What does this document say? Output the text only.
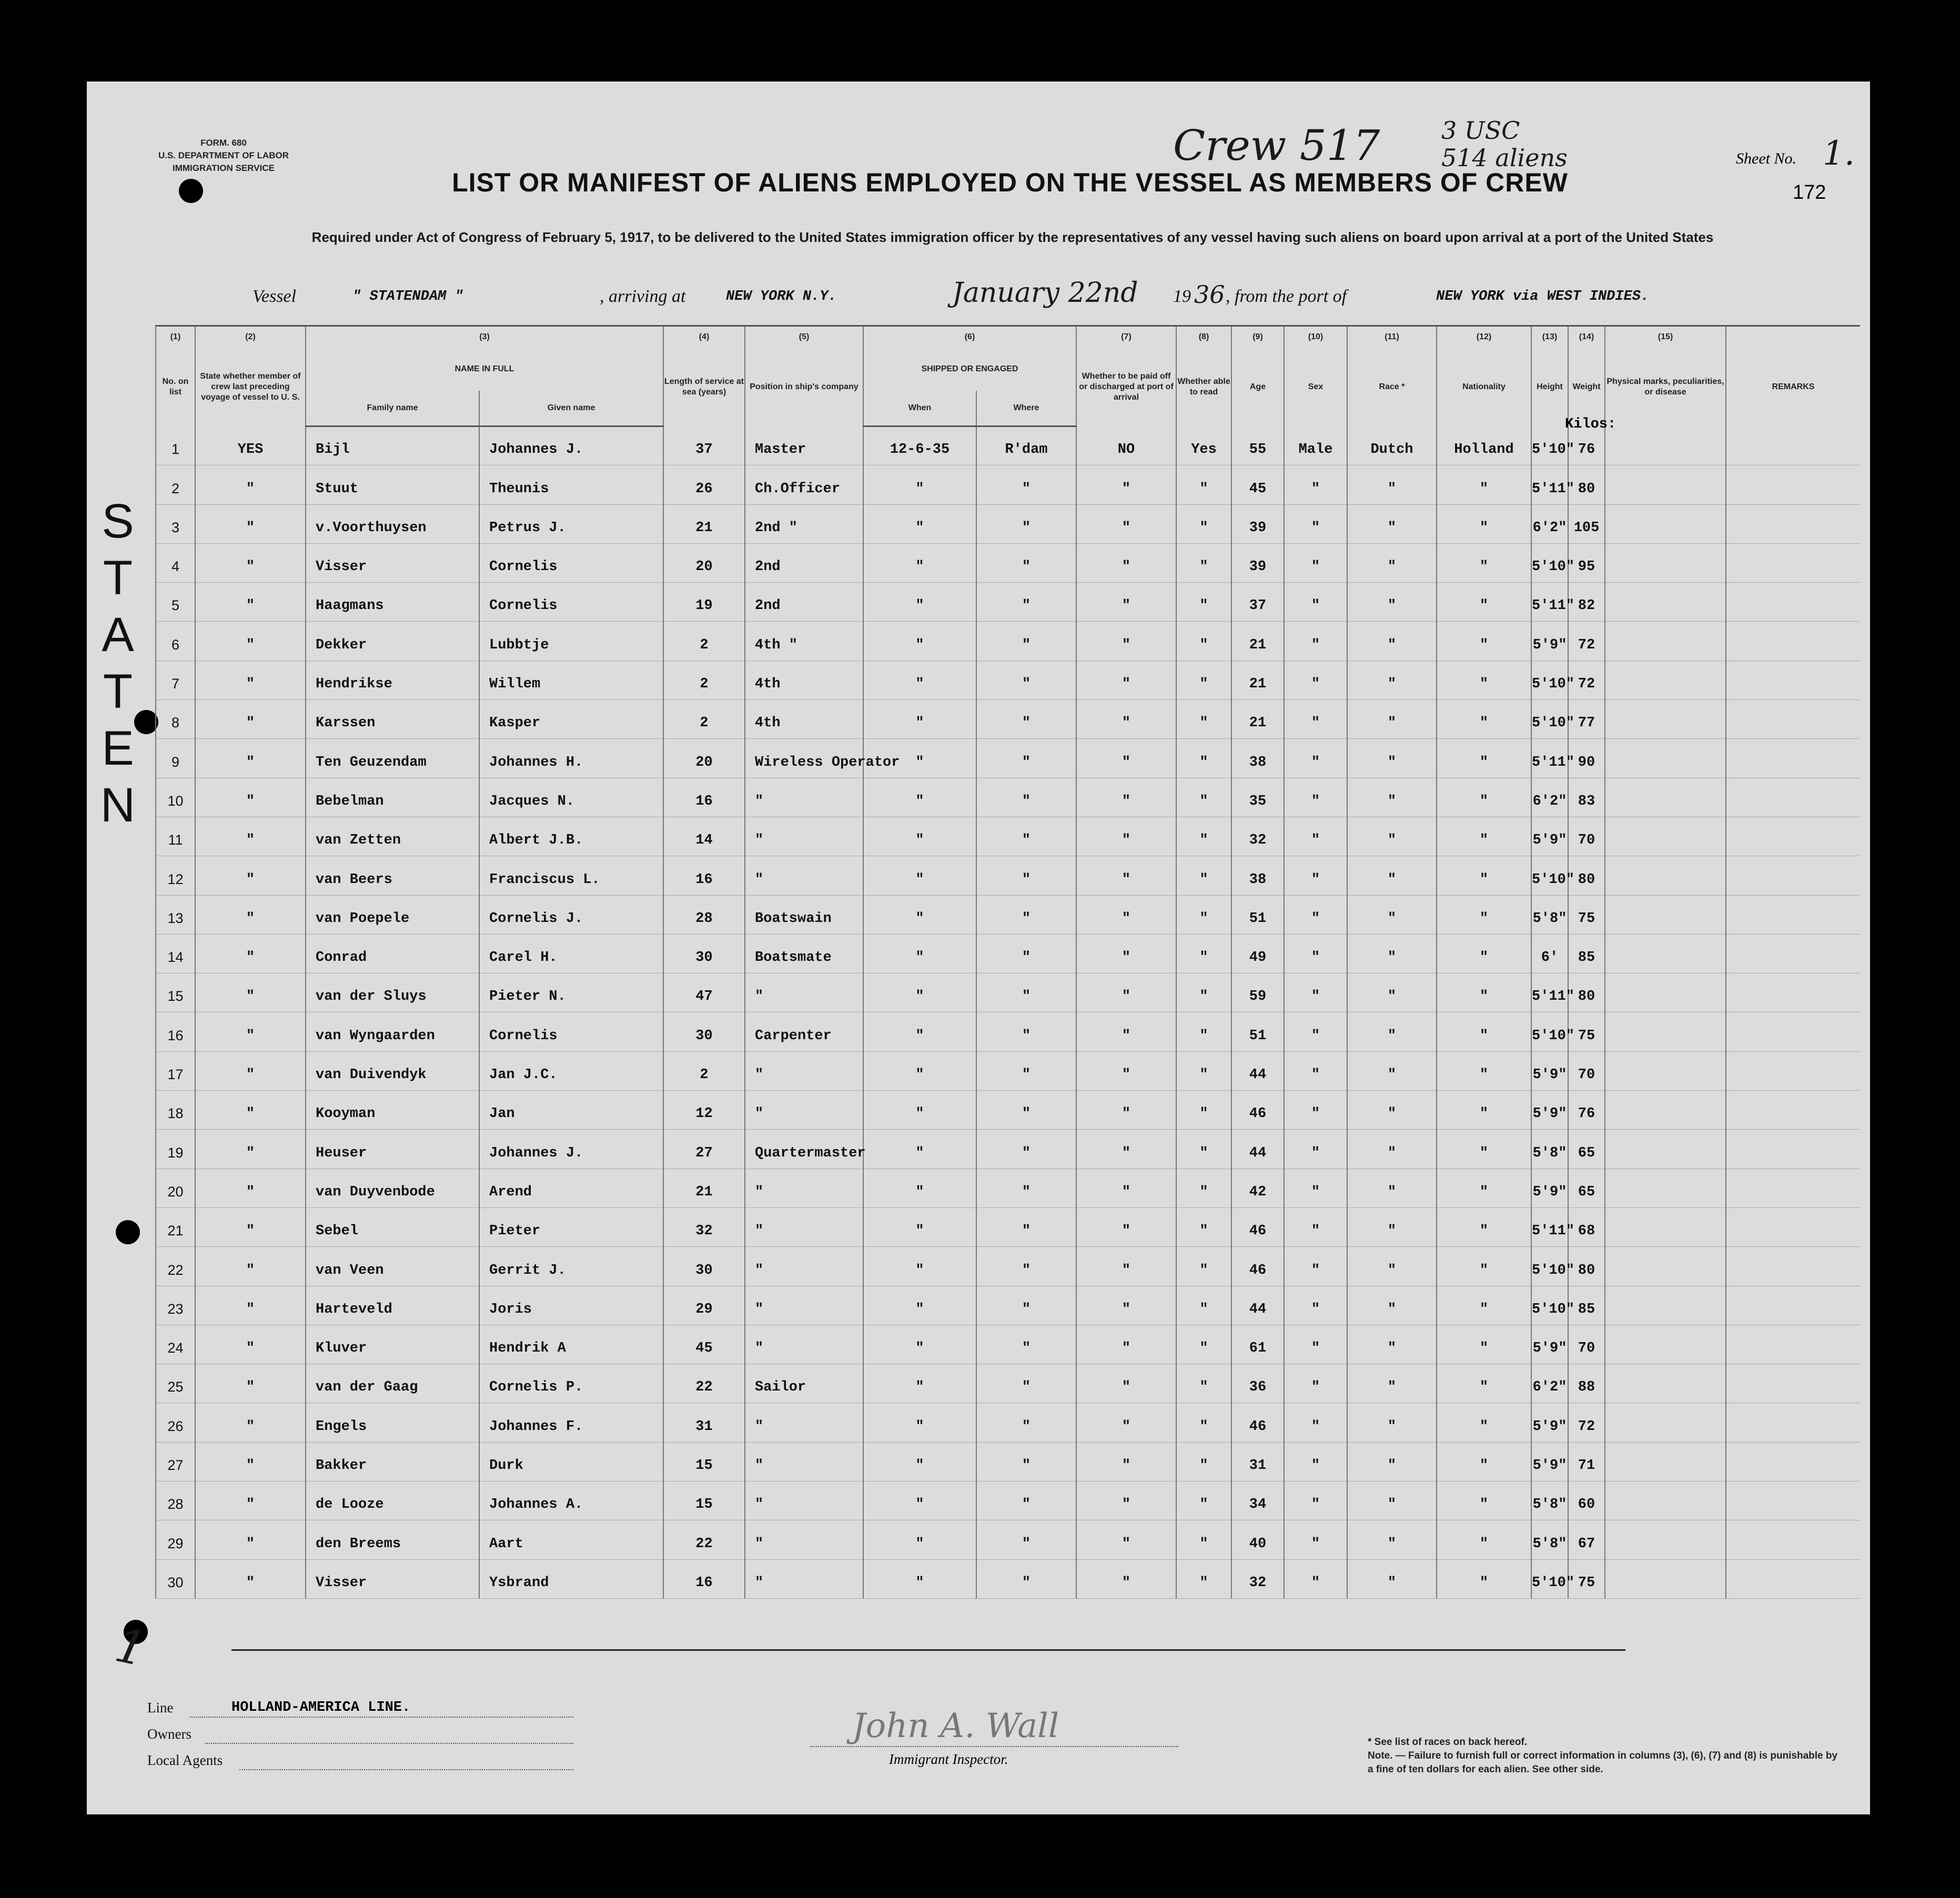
FORM. 680
U.S. DEPARTMENT OF LABOR
IMMIGRATION SERVICE	Crew 517	3 USC
514 aliens	Sheet No. 1.
172
LIST OR MANIFEST OF ALIENS EMPLOYED ON THE VESSEL AS MEMBERS OF CREW
Required under Act of Congress of February 5, 1917, to be delivered to the United States immigration officer by the representatives of any vessel having such aliens on board upon arrival at a port of the United States
Vessel	" STATENDAM "	, arriving at	NEW YORK N.Y.	January 22nd 19 36 , from the port of	NEW YORK via WEST INDIES.
STATEN
(1)	(2)	(3)		(4)	(5)	(6)		(7)	(8)	(9)	(10)	(11)	(12)	(13)	(14)	(15)	
No. on list	State whether member of crew last preceding voyage of vessel to U. S.	NAME IN FULL		Length of service at sea (years)	Position in ship's company	SHIPPED OR ENGAGED		Whether to be paid off or discharged at port of arrival	Whether able to read	Age	Sex	Race *	Nationality	Height	Weight	Physical marks, peculiarities, or disease	REMARKS
		Family name	Given name			When	Where										
1	YES	Bijl	Johannes J.	37	Master	12-6-35	R'dam	NO	Yes	55	Male	Dutch	Holland	5'10"	76		
2	"	Stuut	Theunis	26	Ch.Officer	"	"	"	"	45	"	"	"	5'11"	80		
3	"	v.Voorthuysen	Petrus J.	21	2nd "	"	"	"	"	39	"	"	"	6'2"	105		
4	"	Visser	Cornelis	20	2nd	"	"	"	"	39	"	"	"	5'10"	95		
5	"	Haagmans	Cornelis	19	2nd	"	"	"	"	37	"	"	"	5'11"	82		
6	"	Dekker	Lubbtje	2	4th "	"	"	"	"	21	"	"	"	5'9"	72		
7	"	Hendrikse	Willem	2	4th	"	"	"	"	21	"	"	"	5'10"	72		
8	"	Karssen	Kasper	2	4th	"	"	"	"	21	"	"	"	5'10"	77		
9	"	Ten Geuzendam	Johannes H.	20	Wireless Operator	"	"	"	"	38	"	"	"	5'11"	90		
10	"	Bebelman	Jacques N.	16	"	"	"	"	"	35	"	"	"	6'2"	83		
11	"	van Zetten	Albert J.B.	14	"	"	"	"	"	32	"	"	"	5'9"	70		
12	"	van Beers	Franciscus L.	16	"	"	"	"	"	38	"	"	"	5'10"	80		
13	"	van Poepele	Cornelis J.	28	Boatswain	"	"	"	"	51	"	"	"	5'8"	75		
14	"	Conrad	Carel H.	30	Boatsmate	"	"	"	"	49	"	"	"	6'	85		
15	"	van der Sluys	Pieter N.	47	"	"	"	"	"	59	"	"	"	5'11"	80		
16	"	van Wyngaarden	Cornelis	30	Carpenter	"	"	"	"	51	"	"	"	5'10"	75		
17	"	van Duivendyk	Jan J.C.	2	"	"	"	"	"	44	"	"	"	5'9"	70		
18	"	Kooyman	Jan	12	"	"	"	"	"	46	"	"	"	5'9"	76		
19	"	Heuser	Johannes J.	27	Quartermaster	"	"	"	"	44	"	"	"	5'8"	65		
20	"	van Duyvenbode	Arend	21	"	"	"	"	"	42	"	"	"	5'9"	65		
21	"	Sebel	Pieter	32	"	"	"	"	"	46	"	"	"	5'11"	68		
22	"	van Veen	Gerrit J.	30	"	"	"	"	"	46	"	"	"	5'10"	80		
23	"	Harteveld	Joris	29	"	"	"	"	"	44	"	"	"	5'10"	85		
24	"	Kluver	Hendrik A	45	"	"	"	"	"	61	"	"	"	5'9"	70		
25	"	van der Gaag	Cornelis P.	22	Sailor	"	"	"	"	36	"	"	"	6'2"	88		
26	"	Engels	Johannes F.	31	"	"	"	"	"	46	"	"	"	5'9"	72		
27	"	Bakker	Durk	15	"	"	"	"	"	31	"	"	"	5'9"	71		
28	"	de Looze	Johannes A.	15	"	"	"	"	"	34	"	"	"	5'8"	60		
29	"	den Breems	Aart	22	"	"	"	"	"	40	"	"	"	5'8"	67		
30	"	Visser	Ysbrand	16	"	"	"	"	"	32	"	"	"	5'10"	75		
Kilos:
1
Line	HOLLAND-AMERICA LINE.
Owners
Local Agents
John A. Wall
Immigrant Inspector.
* See list of races on back hereof.
Note. — Failure to furnish full or correct information in columns (3), (6), (7) and (8) is punishable by a fine of ten dollars for each alien. See other side.
